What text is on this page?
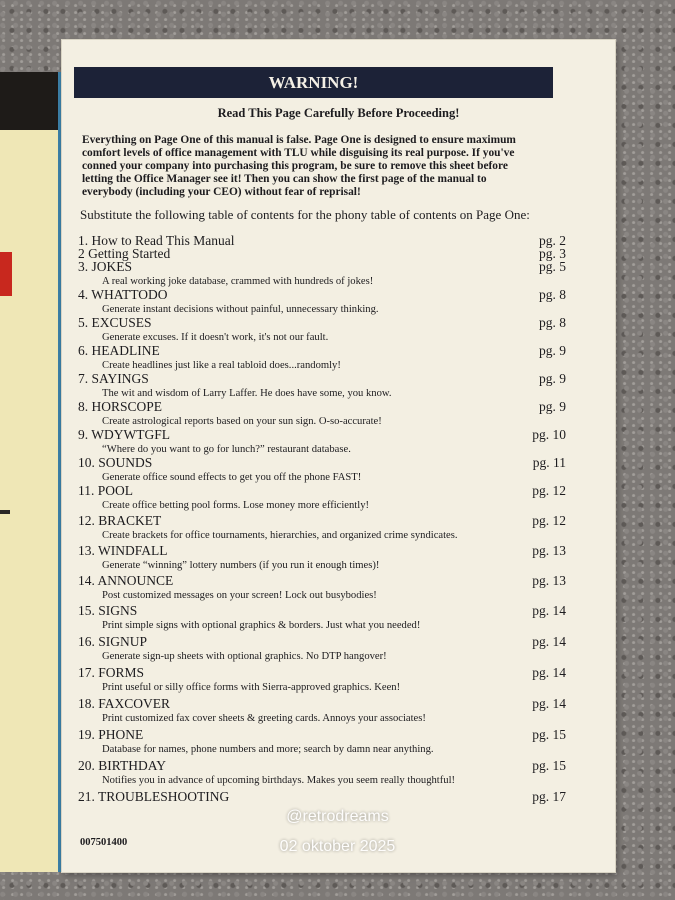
WARNING!
Read This Page Carefully Before Proceeding!
Everything on Page One of this manual is false. Page One is designed to ensure maximum
comfort levels of office management with TLU while disguising its real purpose. If you've
conned your company into purchasing this program, be sure to remove this sheet before
letting the Office Manager see it! Then you can show the first page of the manual to
everybody (including your CEO) without fear of reprisal!
Substitute the following table of contents for the phony table of contents on Page One:
1. How to Read This Manual	pg. 2
2 Getting Started	pg. 3
3. JOKES	pg. 5
A real working joke database, crammed with hundreds of jokes!
4. WHATTODO	pg. 8
Generate instant decisions without painful, unnecessary thinking.
5. EXCUSES	pg. 8
Generate excuses. If it doesn't work, it's not our fault.
6. HEADLINE	pg. 9
Create headlines just like a real tabloid does...randomly!
7. SAYINGS	pg. 9
The wit and wisdom of Larry Laffer. He does have some, you know.
8. HORSCOPE	pg. 9
Create astrological reports based on your sun sign. O-so-accurate!
9. WDYWTGFL	pg. 10
“Where do you want to go for lunch?” restaurant database.
10. SOUNDS	pg. 11
Generate office sound effects to get you off the phone FAST!
11. POOL	pg. 12
Create office betting pool forms. Lose money more efficiently!
12. BRACKET	pg. 12
Create brackets for office tournaments, hierarchies, and organized crime syndicates.
13. WINDFALL	pg. 13
Generate “winning” lottery numbers (if you run it enough times)!
14. ANNOUNCE	pg. 13
Post customized messages on your screen! Lock out busybodies!
15. SIGNS	pg. 14
Print simple signs with optional graphics & borders. Just what you needed!
16. SIGNUP	pg. 14
Generate sign-up sheets with optional graphics. No DTP hangover!
17. FORMS	pg. 14
Print useful or silly office forms with Sierra-approved graphics. Keen!
18. FAXCOVER	pg. 14
Print customized fax cover sheets & greeting cards. Annoys your associates!
19. PHONE	pg. 15
Database for names, phone numbers and more; search by damn near anything.
20. BIRTHDAY	pg. 15
Notifies you in advance of upcoming birthdays. Makes you seem really thoughtful!
21. TROUBLESHOOTING	pg. 17
007501400
@retrodreams
02 oktober 2025
